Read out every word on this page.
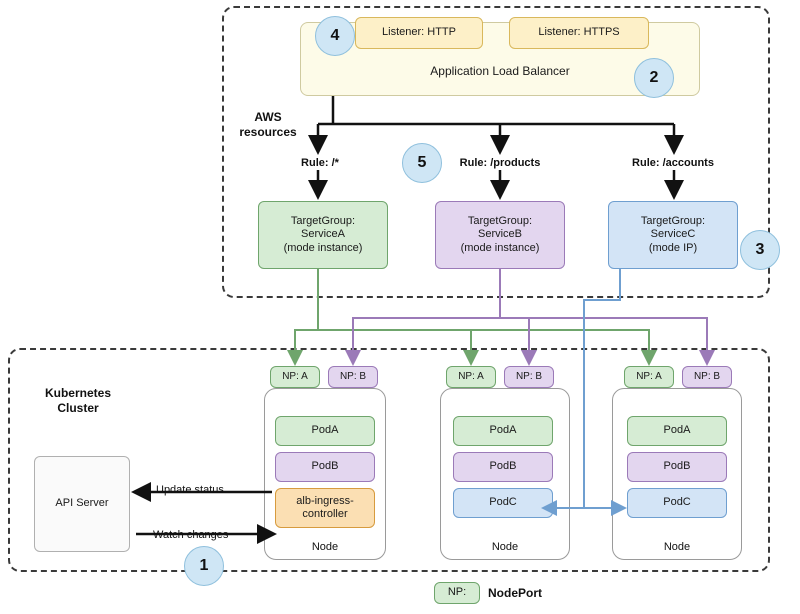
AWS
resources
Kubernetes
Cluster
Application Load Balancer
Listener: HTTP	Listener: HTTPS
Rule: /*	Rule: /products	Rule: /accounts
TargetGroup:
ServiceA
(mode instance)
TargetGroup:
ServiceB
(mode instance)
TargetGroup:
ServiceC
(mode IP)
API Server
Node
NP: A	NP: B
PodA
PodB
alb-ingress-
controller
Node
NP: A	NP: B
PodA
PodB
PodC
Node
NP: A	NP: B
PodA
PodB
PodC
Update status
Watch changes
4
2
5
3
1
NP: NodePort
